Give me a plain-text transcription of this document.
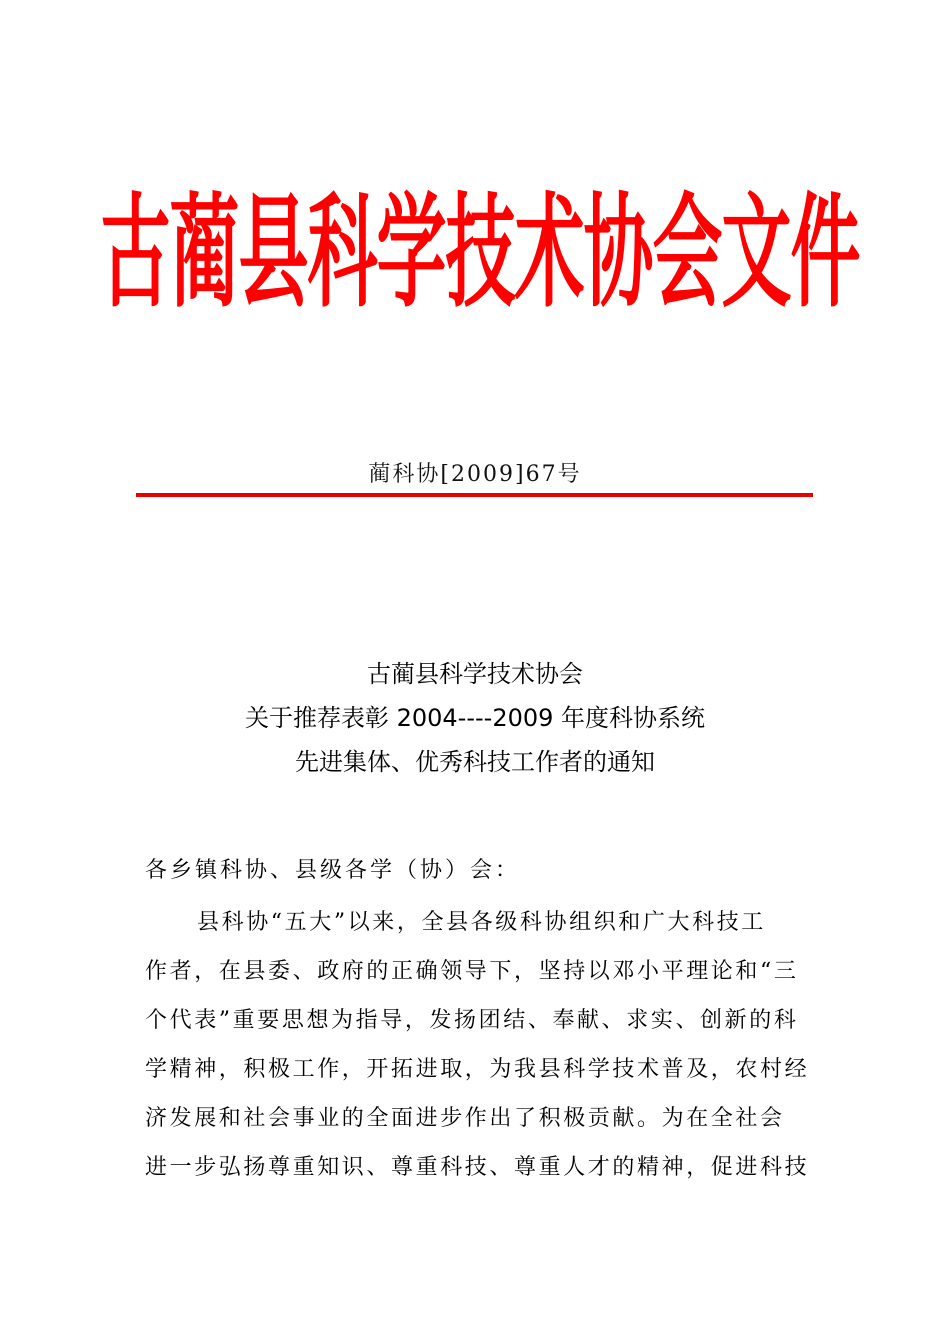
古蔺县科学技术协会文件
蔺科协[2009]67号
古蔺县科学技术协会
关于推荐表彰 2004----2009 年度科协系统
先进集体、优秀科技工作者的通知
各乡镇科协、县级各学（协）会：
县科协“五大”以来，全县各级科协组织和广大科技工
作者，在县委、政府的正确领导下，坚持以邓小平理论和“三
个代表”重要思想为指导，发扬团结、奉献、求实、创新的科
学精神，积极工作，开拓进取，为我县科学技术普及，农村经
济发展和社会事业的全面进步作出了积极贡献。为在全社会
进一步弘扬尊重知识、尊重科技、尊重人才的精神，促进科技
